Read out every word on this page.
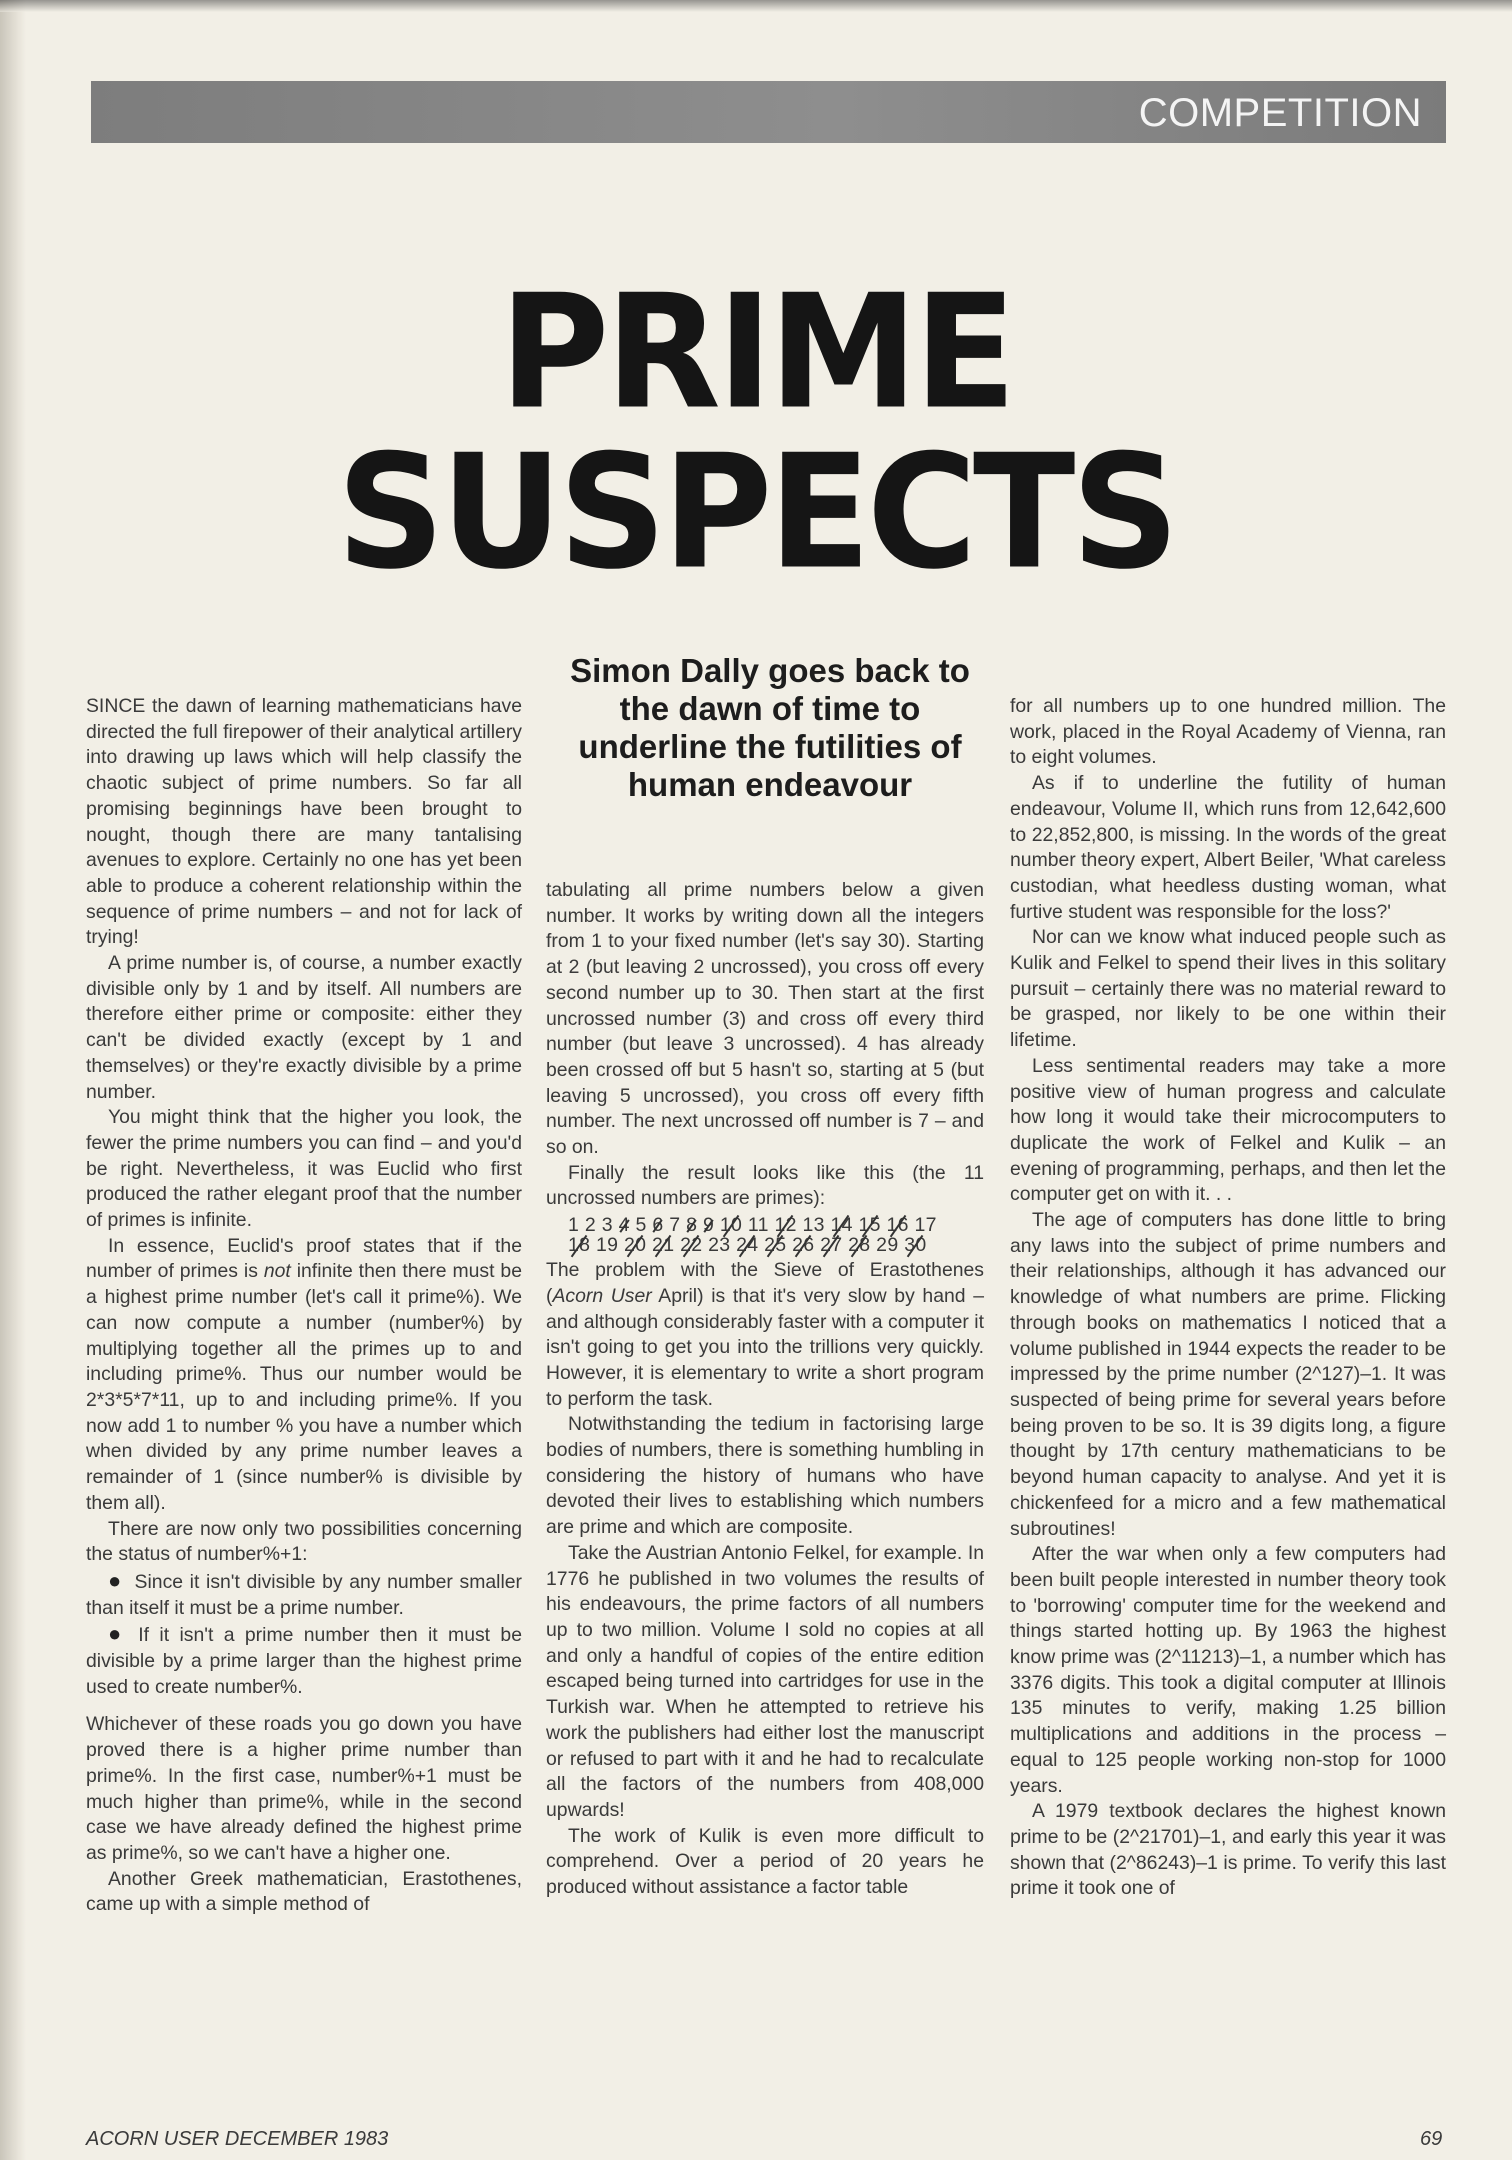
COMPETITION
PRIME
SUSPECTS

SINCE the dawn of learning mathematicians have directed the full firepower of their analytical artillery into drawing up laws which will help classify the chaotic subject of prime numbers. So far all promising beginnings have been brought to nought, though there are many tantalising avenues to explore. Certainly no one has yet been able to produce a coherent relationship within the sequence of prime numbers – and not for lack of trying!

A prime number is, of course, a number exactly divisible only by 1 and by itself. All numbers are therefore either prime or composite: either they can't be divided exactly (except by 1 and themselves) or they're exactly divisible by a prime number.

You might think that the higher you look, the fewer the prime numbers you can find – and you'd be right. Nevertheless, it was Euclid who first produced the rather elegant proof that the number of primes is infinite.

In essence, Euclid's proof states that if the number of primes is not infinite then there must be a highest prime number (let's call it prime%). We can now compute a number (number%) by multiplying together all the primes up to and including prime%. Thus our number would be 2*3*5*7*11, up to and including prime%. If you now add 1 to number % you have a number which when divided by any prime number leaves a remainder of 1 (since number% is divisible by them all).

There are now only two possibilities concerning the status of number%+1:

● Since it isn't divisible by any number smaller than itself it must be a prime number.

● If it isn't a prime number then it must be divisible by a prime larger than the highest prime used to create number%.

Whichever of these roads you go down you have proved there is a higher prime number than prime%. In the first case, number%+1 must be much higher than prime%, while in the second case we have already defined the highest prime as prime%, so we can't have a higher one.

Another Greek mathematician, Erastothenes, came up with a simple method of

Simon Dally goes back to the dawn of time to underline the futilities of human endeavour

tabulating all prime numbers below a given number. It works by writing down all the integers from 1 to your fixed number (let's say 30). Starting at 2 (but leaving 2 uncrossed), you cross off every second number up to 30. Then start at the first uncrossed number (3) and cross off every third number (but leave 3 uncrossed). 4 has already been crossed off but 5 hasn't so, starting at 5 (but leaving 5 uncrossed), you cross off every fifth number. The next uncrossed off number is 7 – and so on.

Finally the result looks like this (the 11 uncrossed numbers are primes):

1 2 3 4 5 6 7 8 9 10 11 12 13 14 15 16 17

18 19 20 21 22 23 24 25 26 27 28 29 30

The problem with the Sieve of Erastothenes (Acorn User April) is that it's very slow by hand – and although considerably faster with a computer it isn't going to get you into the trillions very quickly. However, it is elementary to write a short program to perform the task.

Notwithstanding the tedium in factorising large bodies of numbers, there is something humbling in considering the history of humans who have devoted their lives to establishing which numbers are prime and which are composite.

Take the Austrian Antonio Felkel, for example. In 1776 he published in two volumes the results of his endeavours, the prime factors of all numbers up to two million. Volume I sold no copies at all and only a handful of copies of the entire edition escaped being turned into cartridges for use in the Turkish war. When he attempted to retrieve his work the publishers had either lost the manuscript or refused to part with it and he had to recalculate all the factors of the numbers from 408,000 upwards!

The work of Kulik is even more difficult to comprehend. Over a period of 20 years he produced without assistance a factor table

for all numbers up to one hundred million. The work, placed in the Royal Academy of Vienna, ran to eight volumes.

As if to underline the futility of human endeavour, Volume II, which runs from 12,642,600 to 22,852,800, is missing. In the words of the great number theory expert, Albert Beiler, 'What careless custodian, what heedless dusting woman, what furtive student was responsible for the loss?'

Nor can we know what induced people such as Kulik and Felkel to spend their lives in this solitary pursuit – certainly there was no material reward to be grasped, nor likely to be one within their lifetime.

Less sentimental readers may take a more positive view of human progress and calculate how long it would take their microcomputers to duplicate the work of Felkel and Kulik – an evening of programming, perhaps, and then let the computer get on with it. . .

The age of computers has done little to bring any laws into the subject of prime numbers and their relationships, although it has advanced our knowledge of what numbers are prime. Flicking through books on mathematics I noticed that a volume published in 1944 expects the reader to be impressed by the prime number (2^127)–1. It was suspected of being prime for several years before being proven to be so. It is 39 digits long, a figure thought by 17th century mathematicians to be beyond human capacity to analyse. And yet it is chickenfeed for a micro and a few mathematical subroutines!

After the war when only a few computers had been built people interested in number theory took to 'borrowing' computer time for the weekend and things started hotting up. By 1963 the highest know prime was (2^11213)–1, a number which has 3376 digits. This took a digital computer at Illinois 135 minutes to verify, making 1.25 billion multiplications and additions in the process – equal to 125 people working non-stop for 1000 years.

A 1979 textbook declares the highest known prime to be (2^21701)–1, and early this year it was shown that (2^86243)–1 is prime. To verify this last prime it took one of

ACORN USER DECEMBER 1983	69
